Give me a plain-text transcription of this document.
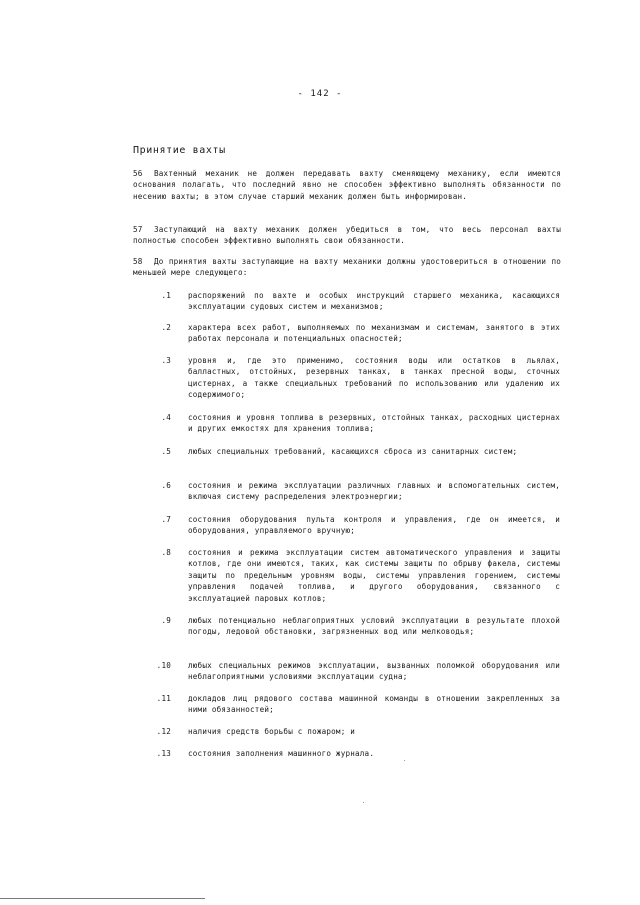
- 142 -
Принятие вахты
56 Вахтенный механик не должен передавать вахту сменяющему механику, если имеются основания полагать, что последний явно не способен эффективно выполнять обязанности по несению вахты; в этом случае старший механик должен быть информирован.
57 Заступающий на вахту механик должен убедиться в том, что весь персонал вахты полностью способен эффективно выполнять свои обязанности.
58 До принятия вахты заступающие на вахту механики должны удостовериться в отношении по меньшей мере следующего:
.1 распоряжений по вахте и особых инструкций старшего механика, касающихся эксплуатации судовых систем и механизмов;
.2 характера всех работ, выполняемых по механизмам и системам, занятого в этих работах персонала и потенциальных опасностей;
.3 уровня и, где это применимо, состояния воды или остатков в льялах, балластных, отстойных, резервных танках, в танках пресной воды, сточных цистернах, а также специальных требований по использованию или удалению их содержимого;
.4 состояния и уровня топлива в резервных, отстойных танках, расходных цистернах и других емкостях для хранения топлива;
.5 любых специальных требований, касающихся сброса из санитарных систем;
.6 состояния и режима эксплуатации различных главных и вспомогательных систем, включая систему распределения электроэнергии;
.7 состояния оборудования пульта контроля и управления, где он имеется, и оборудования, управляемого вручную;
.8 состояния и режима эксплуатации систем автоматического управления и защиты котлов, где они имеются, таких, как системы защиты по обрыву факела, системы защиты по предельным уровням воды, системы управления горением, системы управления подачей топлива, и другого оборудования, связанного с эксплуатацией паровых котлов;
.9 любых потенциально неблагоприятных условий эксплуатации в результате плохой погоды, ледовой обстановки, загрязненных вод или мелководья;
.10 любых специальных режимов эксплуатации, вызванных поломкой оборудования или неблагоприятными условиями эксплуатации судна;
.11 докладов лиц рядового состава машинной команды в отношении закрепленных за ними обязанностей;
.12 наличия средств борьбы с пожаром; и
.13 состояния заполнения машинного журнала.
